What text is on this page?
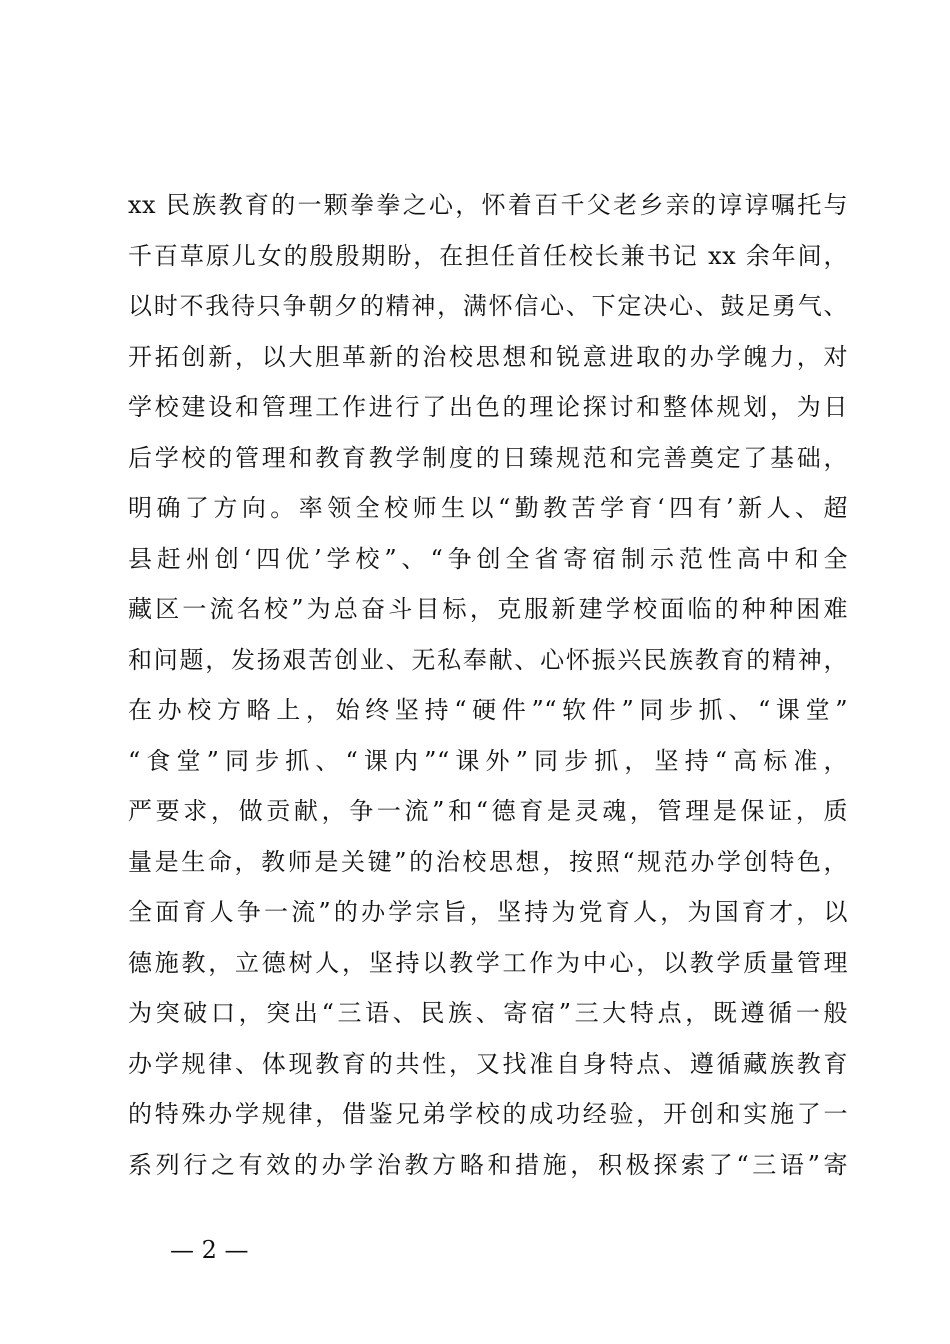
xx 民族教育的一颗拳拳之心，怀着百千父老乡亲的谆谆嘱托与
千百草原儿女的殷殷期盼，在担任首任校长兼书记 xx 余年间，
以时不我待只争朝夕的精神，满怀信心、下定决心、鼓足勇气、
开拓创新，以大胆革新的治校思想和锐意进取的办学魄力，对
学校建设和管理工作进行了出色的理论探讨和整体规划，为日
后学校的管理和教育教学制度的日臻规范和完善奠定了基础，
明确了方向。率领全校师生以“勤教苦学育‘四有’新人、超
县赶州创‘四优’学校”、“争创全省寄宿制示范性高中和全
藏区一流名校”为总奋斗目标，克服新建学校面临的种种困难
和问题，发扬艰苦创业、无私奉献、心怀振兴民族教育的精神，
在办校方略上，始终坚持“硬件”“软件”同步抓、“课堂”
“食堂”同步抓、“课内”“课外”同步抓，坚持“高标准，
严要求，做贡献，争一流”和“德育是灵魂，管理是保证，质
量是生命，教师是关键”的治校思想，按照“规范办学创特色，
全面育人争一流”的办学宗旨，坚持为党育人，为国育才，以
德施教，立德树人，坚持以教学工作为中心，以教学质量管理
为突破口，突出“三语、民族、寄宿”三大特点，既遵循一般
办学规律、体现教育的共性，又找准自身特点、遵循藏族教育
的特殊办学规律，借鉴兄弟学校的成功经验，开创和实施了一
系列行之有效的办学治教方略和措施，积极探索了“三语”寄
— 2 —
